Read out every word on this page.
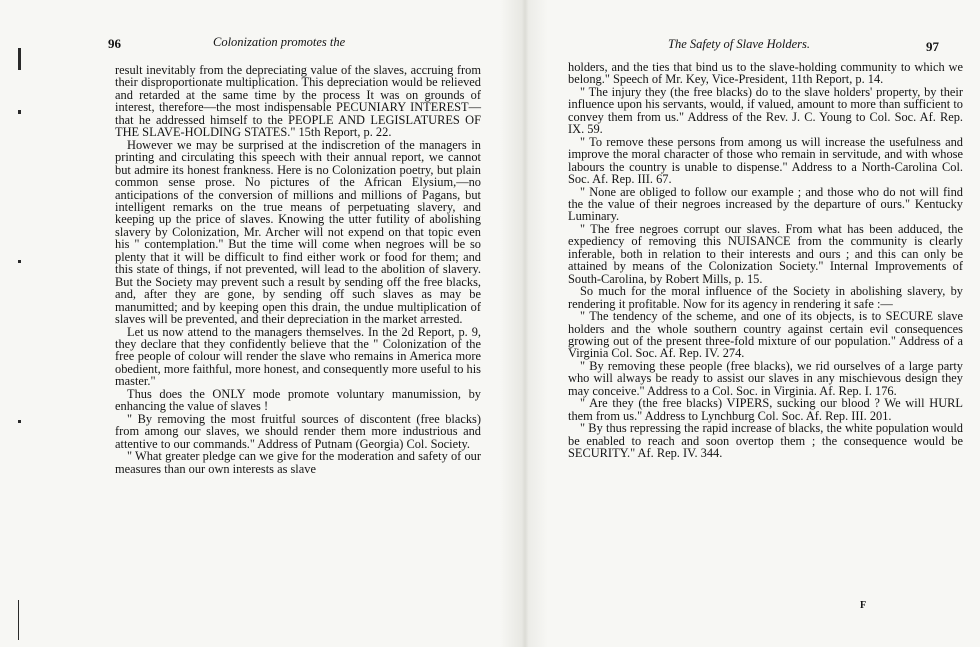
96	Colonization promotes the

result inevitably from the depreciating value of the slaves, accruing from their disproportionate multiplication. This depreciation would be relieved and retarded at the same time by the process It was on grounds of interest, therefore—the most indispensable PECUNIARY INTEREST—that he addressed himself to the PEOPLE AND LEGISLATURES OF THE SLAVE-HOLDING STATES." 15th Report, p. 22.

However we may be surprised at the indiscretion of the managers in printing and circulating this speech with their annual report, we cannot but admire its honest frankness. Here is no Colonization poetry, but plain common sense prose. No pictures of the African Elysium,—no anticipations of the conversion of millions and millions of Pagans, but intelligent remarks on the true means of perpetuating slavery, and keeping up the price of slaves. Knowing the utter futility of abolishing slavery by Colonization, Mr. Archer will not expend on that topic even his " contemplation." But the time will come when negroes will be so plenty that it will be difficult to find either work or food for them; and this state of things, if not prevented, will lead to the abolition of slavery. But the Society may prevent such a result by sending off the free blacks, and, after they are gone, by sending off such slaves as may be manumitted; and by keeping open this drain, the undue multiplication of slaves will be prevented, and their depreciation in the market arrested.

Let us now attend to the managers themselves. In the 2d Report, p. 9, they declare that they confidently believe that the " Colonization of the free people of colour will render the slave who remains in America more obedient, more faithful, more honest, and consequently more useful to his master."

Thus does the ONLY mode promote voluntary manumission, by enhancing the value of slaves !

" By removing the most fruitful sources of discontent (free blacks) from among our slaves, we should render them more industrious and attentive to our commands." Address of Putnam (Georgia) Col. Society.

" What greater pledge can we give for the moderation and safety of our measures than our own interests as slave

The Safety of Slave Holders.	97

holders, and the ties that bind us to the slave-holding community to which we belong." Speech of Mr. Key, Vice-President, 11th Report, p. 14.

" The injury they (the free blacks) do to the slave holders' property, by their influence upon his servants, would, if valued, amount to more than sufficient to convey them from us." Address of the Rev. J. C. Young to Col. Soc. Af. Rep. IX. 59.

" To remove these persons from among us will increase the usefulness and improve the moral character of those who remain in servitude, and with whose labours the country is unable to dispense." Address to a North-Carolina Col. Soc. Af. Rep. III. 67.

" None are obliged to follow our example ; and those who do not will find the the value of their negroes increased by the departure of ours." Kentucky Luminary.

" The free negroes corrupt our slaves. From what has been adduced, the expediency of removing this NUISANCE from the community is clearly inferable, both in relation to their interests and ours ; and this can only be attained by means of the Colonization Society." Internal Improvements of South-Carolina, by Robert Mills, p. 15.

So much for the moral influence of the Society in abolishing slavery, by rendering it profitable. Now for its agency in rendering it safe :—

" The tendency of the scheme, and one of its objects, is to SECURE slave holders and the whole southern country against certain evil consequences growing out of the present three-fold mixture of our population." Address of a Virginia Col. Soc. Af. Rep. IV. 274.

" By removing these people (free blacks), we rid ourselves of a large party who will always be ready to assist our slaves in any mischievous design they may conceive." Address to a Col. Soc. in Virginia. Af. Rep. I. 176.

" Are they (the free blacks) VIPERS, sucking our blood ? We will HURL them from us." Address to Lynchburg Col. Soc. Af. Rep. III. 201.

" By thus repressing the rapid increase of blacks, the white population would be enabled to reach and soon overtop them ; the consequence would be SECURITY." Af. Rep. IV. 344.

F
